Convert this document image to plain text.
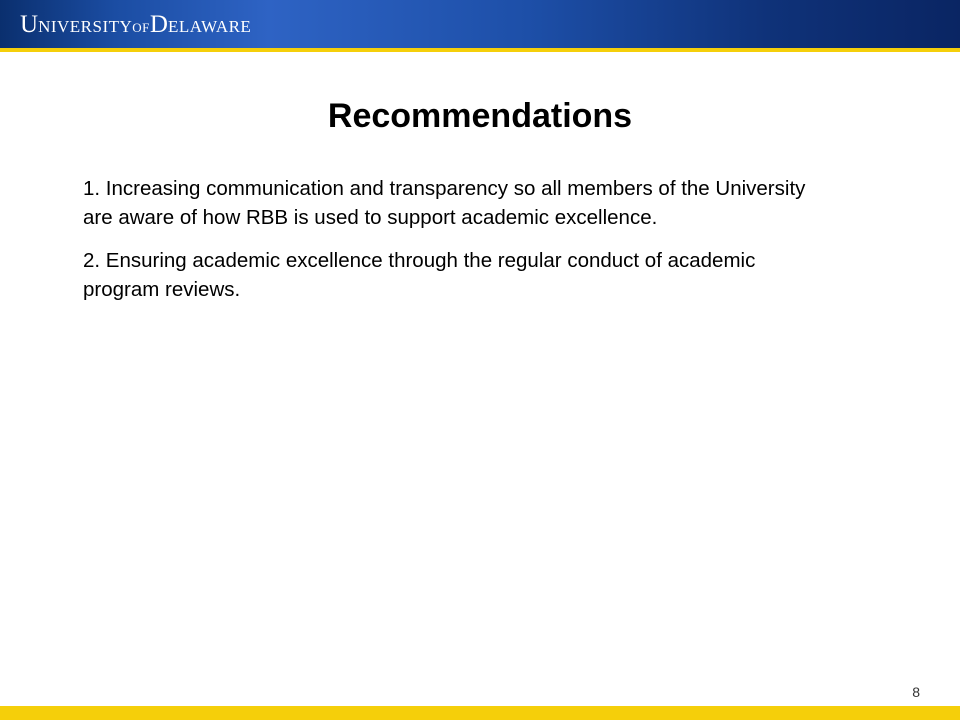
UNIVERSITYOFDELAWARE
Recommendations

1. Increasing communication and transparency so all members of the University are aware of how RBB is used to support academic excellence.

2. Ensuring academic excellence through the regular conduct of academic program reviews.

8
